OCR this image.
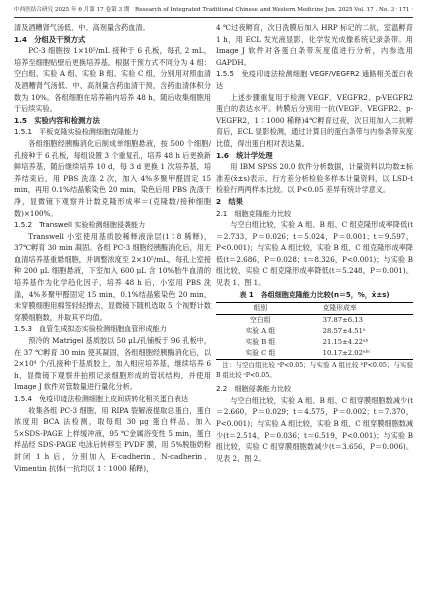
中西医结合研究 2025 年 6 月第 17 卷第 3 期　Research of Integrated Traditional Chinese and Western Medicine Jun. 2025 Vol. 17 . No. 3 · 171 ·

清及酒糟肾气汤低、中、高剂量含药血清。

1.4　分组及干预方式

PC-3 细胞按 1×10⁵/mL 接种于 6 孔板，每孔 2 mL，培养至细胞贴壁后更换培养基。根据干预方式不同分为 4 组：空白组、实验 A 组、实验 B 组、实验 C 组，分别用对照血清及酒糟肾气汤低、中、高剂量含药血清干预，含药血清体积分数为 10%。各组细胞在培养箱内培养 48 h，随后收集细胞用于后续实验。

1.5　实验内容和检测方法
1.5.1　平板克隆实验检测细胞克隆能力

各组细胞经胰酶消化后制成单细胞悬液，按 500 个细胞/孔接种于 6 孔板，每组设置 3 个重复孔，培养 48 h 后更换新鲜培养基，随后继续培养 10 d，每 3 d 更换 1 次培养基，培养结束后，用 PBS 洗涤 2 次，加入 4%多聚甲醛固定 15 min，再用 0.1%结晶紫染色 20 min，染色后用 PBS 洗涤干净，显微镜下观察并计数克隆形成率＝(克隆数/接种细胞数)×100%。

1.5.2　Transwell 实验检测细胞侵袭能力

Transwell 小室使用基质胶稀释液涂层(1∶8 稀释)，37℃孵育 30 min 凝固。各组 PC-3 细胞经胰酶消化后，用无血清培养基重悬细胞，并调整浓度至 2×10⁵/mL，每孔上室接种 200 μL 细胞悬液，下室加入 600 μL 含 10%胎牛血清的培养基作为化学趋化因子，培养 48 h 后，小室用 PBS 洗涤，4%多聚甲醛固定 15 min，0.1%结晶紫染色 20 min，未穿膜细胞用棉签轻轻擦去，显微镜下随机选取 5 个视野计数穿膜细胞数，并取其平均值。

1.5.3　血管生成拟态实验检测细胞血管形成能力

预冷的 Matrigel 基质胶以 50 μL/孔铺板于 96 孔板中，在 37 ℃孵育 30 min 使其凝固，各组细胞经胰酶消化后，以 2×10⁴ 个/孔接种于基质胶上，加入相应培养基，继续培养 6 h，显微镜下观察并拍照记录细胞形成的管状结构，并使用 Image J 软件对管数量进行量化分析。

1.5.4　免疫印迹法检测细胞上皮间质转化相关蛋白表达

收集各组 PC-3 细胞，用 RIPA 裂解液提取总蛋白，蛋白浓度用 BCA 法检测，取每组 30 μg 蛋白样品，加入 5×SDS-PAGE 上样缓冲液，95 ℃金属浴变性 5 min，蛋白样品经 SDS-PAGE 电泳后转移至 PVDF 膜，用 5%脱脂奶粉封闭 1 h 后，分别加入 E-cadherin、N-cadherin、Vimentin 抗体(一抗均以 1∶1000 稀释)，

4 ℃过夜孵育，次日洗膜后加入 HRP 标记的二抗，室温孵育 1 h，用 ECL 发光液显影，化学发光成像系统记录条带。用 Image J 软件对各蛋白条带灰度值进行分析，内参选用 GAPDH。

1.5.5　免疫印迹法检测细胞 VEGF/VEGFR2 通路相关蛋白表达

上述步骤重复用于检测 VEGF、VEGFR2、p-VEGFR2 蛋白的表达水平。转膜后分别用一抗(VEGF、VEGFR2、p-VEGFR2，1∶1000 稀释)4℃孵育过夜，次日用加入二抗孵育后，ECL 显影检测，通过计算目的蛋白条带与内参条带灰度比值，得出蛋白相对表达量。

1.6　统计学处理

用 IBM SPSS 20.0 软件分析数据，计量资料以均数±标准差(x̄±s)表示，行方差分析检验多样本计量资料，以 LSD-t 检验行两两样本比较。以 P<0.05 差异有统计学意义。

2　结果
2.1　细胞克隆能力比较

与空白组比较，实验 A 组、B 组、C 组克隆形成率降低(t＝2.733，P＝0.026；t＝5.024，P＝0.001；t＝9.597，P<0.001)；与实验 A 组比较，实验 B 组、C 组克隆形成率降低(t＝2.686，P＝0.028；t＝8.326，P<0.001)；与实验 B 组比较，实验 C 组克隆形成率降低(t＝5.248，P＝0.001)。见表 1、图 1。

表 1　各组细胞克隆能力比较(n＝5，%，x̄±s)
组别	克隆形成率
空白组	37.87±6.13
实验 A 组	28.57±4.51ᵃ
实验 B 组	21.15±4.22ᵃᵇ
实验 C 组	10.17±2.02ᵃᵇᶜ
注：与空白组比较 ᵃP<0.05；与实验 A 组比较 ᵇP<0.05；与实验 B 组比较 ᶜP<0.05。
2.2　细胞侵袭能力比较

与空白组比较，实验 A 组、B 组、C 组穿膜细胞数减少(t＝2.660，P＝0.029；t＝4.575，P＝0.002；t＝7.370，P<0.001)；与实验 A 组比较，实验 B 组、C 组穿膜细胞数减少(t＝2.514，P＝0.036；t＝6.519，P<0.001)；与实验 B 组比较，实验 C 组穿膜细胞数减少(t＝3.656，P＝0.006)。见表 2、图 2。
